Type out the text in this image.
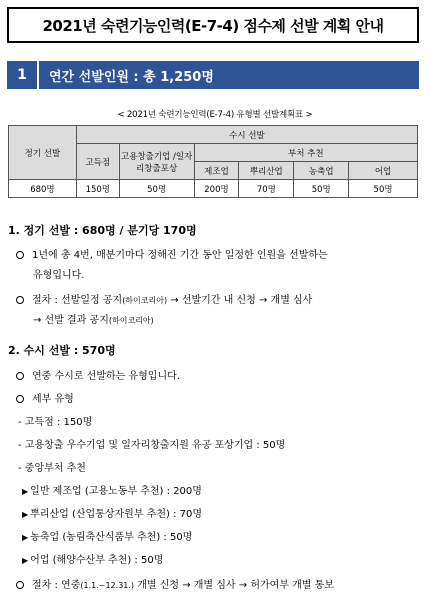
2021년 숙련기능인력(E-7-4) 점수제 선발 계획 안내
1	연간 선발인원 : 총 1,250명
< 2021년 숙련기능인력(E-7-4) 유형별 선발계획표 >
정기 선발	수시 선발					
	고득점	고용창출기업 /일자리창출포상	부처 추천			
			제조업	뿌리산업	농축업	어업
680명	150명	50명	200명	70명	50명	50명
1. 정기 선발 : 680명 / 분기당 170명
1년에 총 4번, 매분기마다 정해진 기간 동안 일정한 인원을 선발하는
유형입니다.
절차 : 선발일정 공지(하이코리아) → 선발기간 내 신청 → 개별 심사
→ 선발 결과 공지(하이코리아)
2. 수시 선발 : 570명
연중 수시로 선발하는 유형입니다.
세부 유형
- 고득점 : 150명
- 고용창출 우수기업 및 일자리창출지원 유공 포상기업 : 50명
- 중앙부처 추천
▶ 일반 제조업 (고용노동부 추천) : 200명
▶ 뿌리산업 (산업통상자원부 추천) : 70명
▶ 농축업 (농림축산식품부 추천) : 50명
▶ 어업 (해양수산부 추천) : 50명
절차 : 연중(1.1.~12.31.) 개별 신청 → 개별 심사 → 허가여부 개별 통보
